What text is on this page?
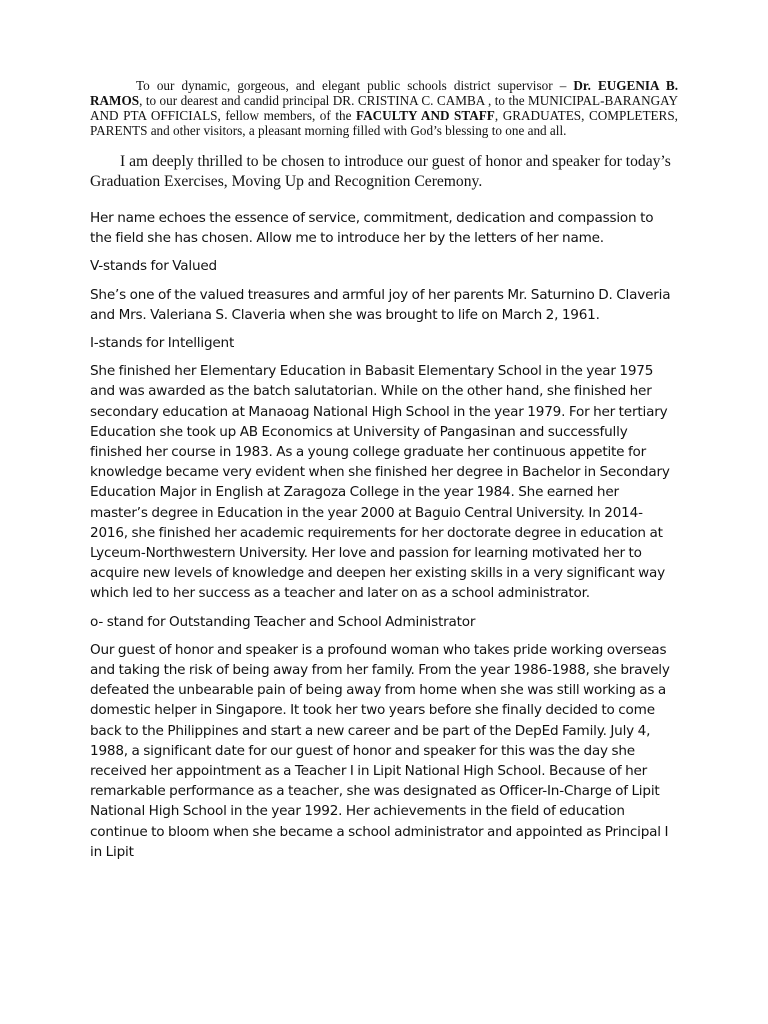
To our dynamic, gorgeous, and elegant public schools district supervisor – Dr. EUGENIA B. RAMOS, to our dearest and candid principal DR. CRISTINA C. CAMBA , to the MUNICIPAL-BARANGAY AND PTA OFFICIALS, fellow members, of the FACULTY AND STAFF, GRADUATES, COMPLETERS, PARENTS and other visitors, a pleasant morning filled with God’s blessing to one and all.

I am deeply thrilled to be chosen to introduce our guest of honor and speaker for today’s Graduation Exercises, Moving Up and Recognition Ceremony.

Her name echoes the essence of service, commitment, dedication and compassion to the field she has chosen. Allow me to introduce her by the letters of her name.

V-stands for Valued

She’s one of the valued treasures and armful joy of her parents Mr. Saturnino D. Claveria and Mrs. Valeriana S. Claveria when she was brought to life on March 2, 1961.

I-stands for Intelligent

She finished her Elementary Education in Babasit Elementary School in the year 1975 and was awarded as the batch salutatorian. While on the other hand, she finished her secondary education at Manaoag National High School in the year 1979. For her tertiary Education she took up AB Economics at University of Pangasinan and successfully finished her course in 1983. As a young college graduate her continuous appetite for knowledge became very evident when she finished her degree in Bachelor in Secondary Education Major in English at Zaragoza College in the year 1984. She earned her master’s degree in Education in the year 2000 at Baguio Central University. In 2014-2016, she finished her academic requirements for her doctorate degree in education at Lyceum-Northwestern University. Her love and passion for learning motivated her to acquire new levels of knowledge and deepen her existing skills in a very significant way which led to her success as a teacher and later on as a school administrator.

o- stand for Outstanding Teacher and School Administrator

Our guest of honor and speaker is a profound woman who takes pride working overseas and taking the risk of being away from her family. From the year 1986-1988, she bravely defeated the unbearable pain of being away from home when she was still working as a domestic helper in Singapore. It took her two years before she finally decided to come back to the Philippines and start a new career and be part of the DepEd Family. July 4, 1988, a significant date for our guest of honor and speaker for this was the day she received her appointment as a Teacher I in Lipit National High School. Because of her remarkable performance as a teacher, she was designated as Officer-In-Charge of Lipit National High School in the year 1992. Her achievements in the field of education continue to bloom when she became a school administrator and appointed as Principal I in Lipit
